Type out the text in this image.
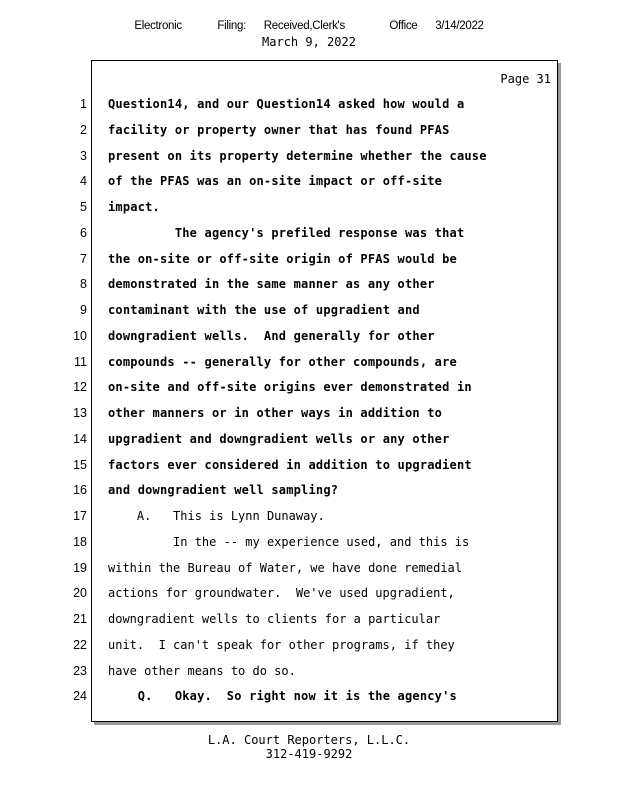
Electronic    Filing:  Received,Clerk's     Office  3/14/2022
March 9, 2022
Page 31
1
2
3
4
5
6
7
8
9
10
11
12
13
14
15
16
17
18
19
20
21
22
23
24
Question14, and our Question14 asked how would a
facility or property owner that has found PFAS
present on its property determine whether the cause
of the PFAS was an on-site impact or off-site
impact.
The agency's prefiled response was that
the on-site or off-site origin of PFAS would be
demonstrated in the same manner as any other
contaminant with the use of upgradient and
downgradient wells.  And generally for other
compounds -- generally for other compounds, are
on-site and off-site origins ever demonstrated in
other manners or in other ways in addition to
upgradient and downgradient wells or any other
factors ever considered in addition to upgradient
and downgradient well sampling?
A.   This is Lynn Dunaway.
In the -- my experience used, and this is
within the Bureau of Water, we have done remedial
actions for groundwater.  We've used upgradient,
downgradient wells to clients for a particular
unit.  I can't speak for other programs, if they
have other means to do so.
Q.   Okay.  So right now it is the agency's
L.A. Court Reporters, L.L.C.
312-419-9292
